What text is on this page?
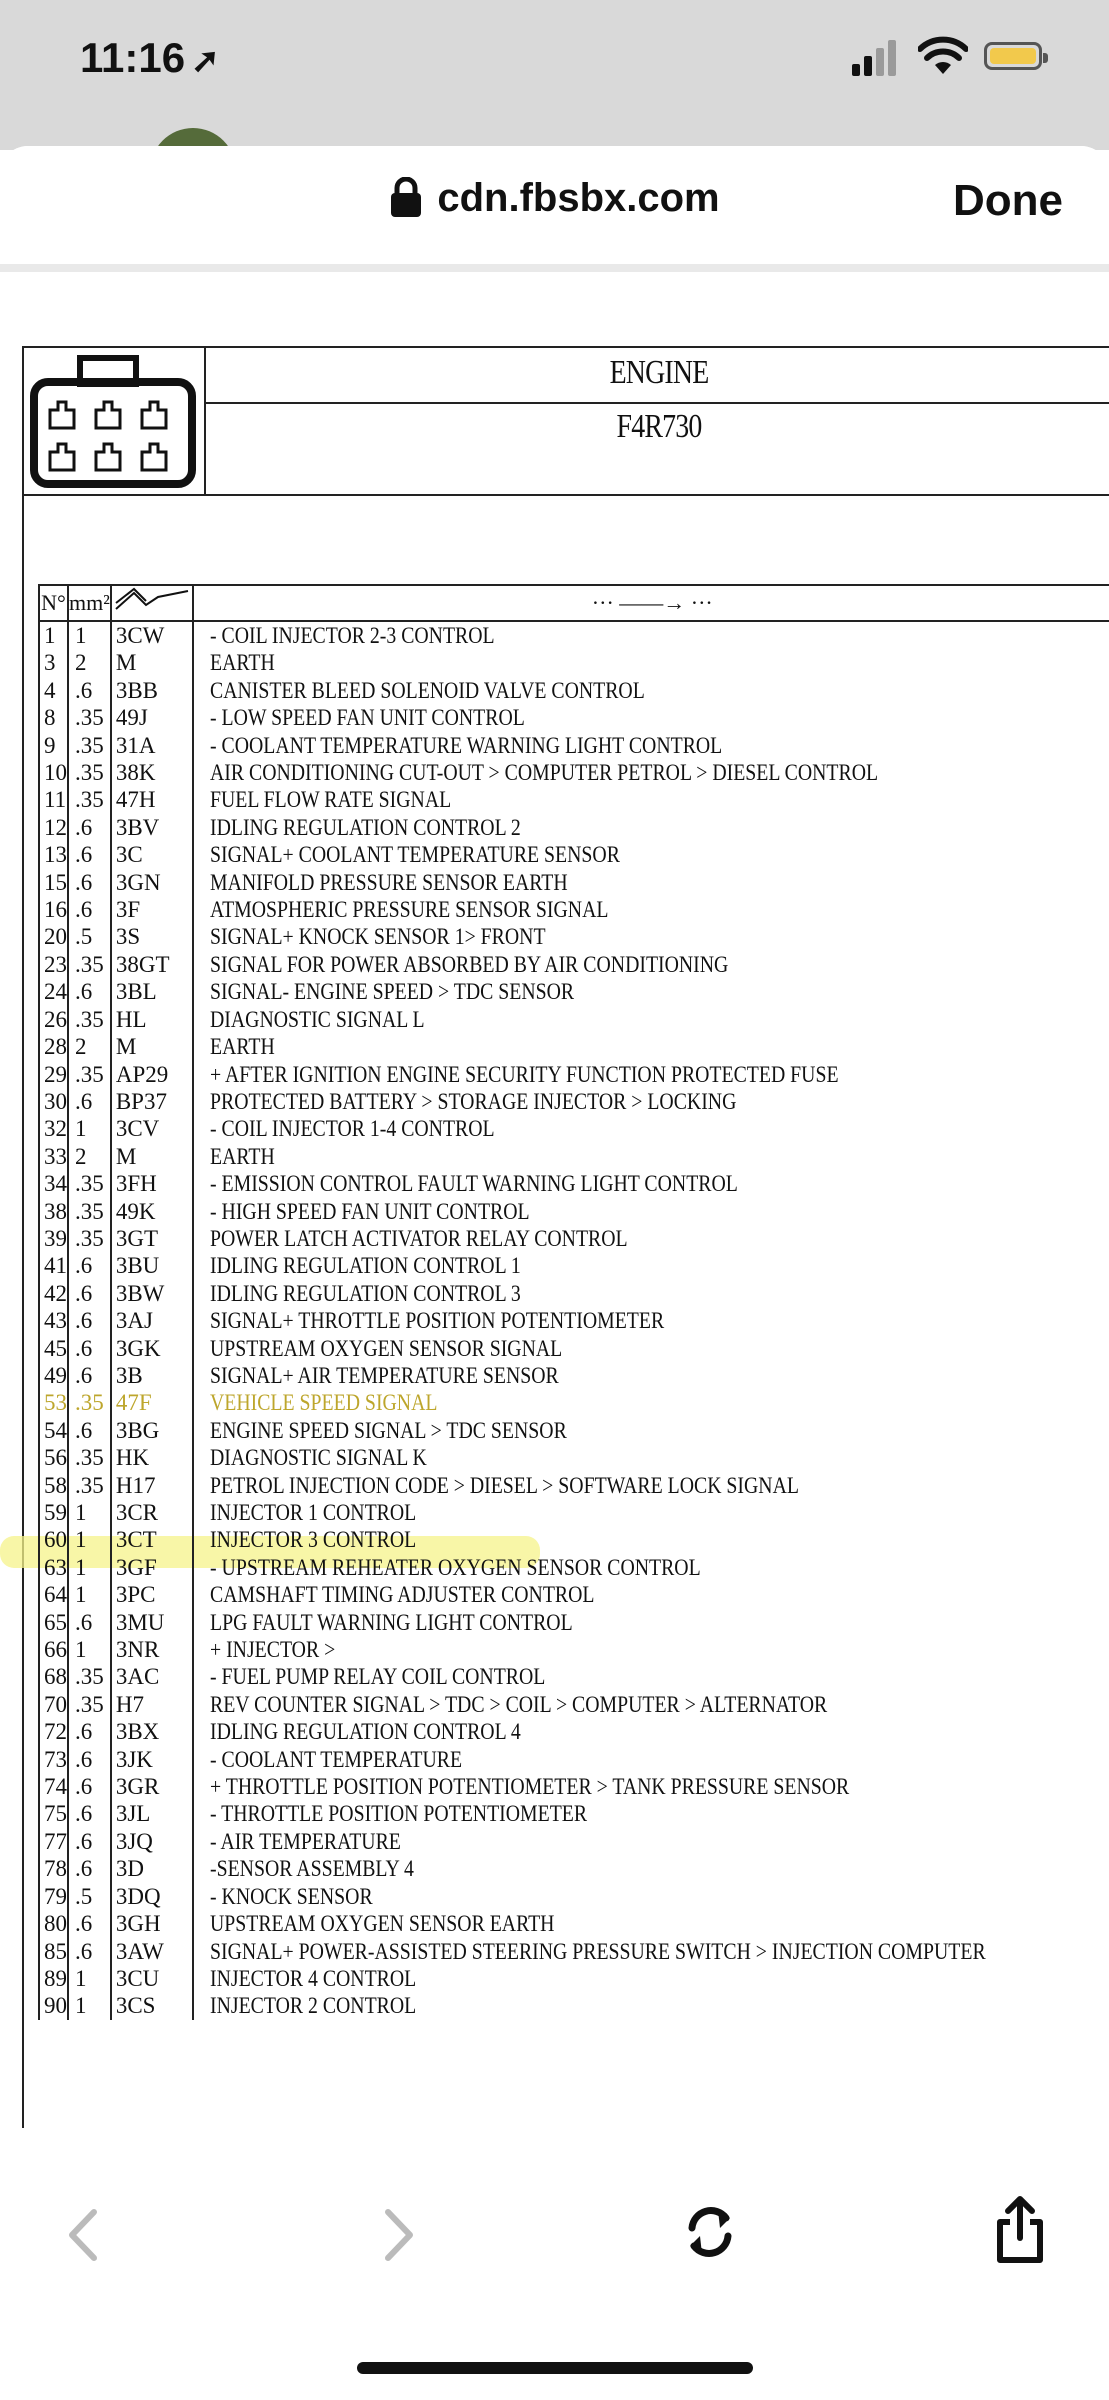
11:16 ➚
cdn.fbsbx.com	Done
ENGINE
F4R730
N°	mm²		··· ——→ ···
1	1	3CW	- COIL INJECTOR 2-3 CONTROL
3	2	M	EARTH
4	.6	3BB	CANISTER BLEED SOLENOID VALVE CONTROL
8	.35	49J	- LOW SPEED FAN UNIT CONTROL
9	.35	31A	- COOLANT TEMPERATURE WARNING LIGHT CONTROL
10	.35	38K	AIR CONDITIONING CUT-OUT > COMPUTER PETROL > DIESEL CONTROL
11	.35	47H	FUEL FLOW RATE SIGNAL
12	.6	3BV	IDLING REGULATION CONTROL 2
13	.6	3C	SIGNAL+ COOLANT TEMPERATURE SENSOR
15	.6	3GN	MANIFOLD PRESSURE SENSOR EARTH
16	.6	3F	ATMOSPHERIC PRESSURE SENSOR SIGNAL
20	.5	3S	SIGNAL+ KNOCK SENSOR 1> FRONT
23	.35	38GT	SIGNAL FOR POWER ABSORBED BY AIR CONDITIONING
24	.6	3BL	SIGNAL- ENGINE SPEED > TDC SENSOR
26	.35	HL	DIAGNOSTIC SIGNAL L
28	2	M	EARTH
29	.35	AP29	+ AFTER IGNITION ENGINE SECURITY FUNCTION PROTECTED FUSE
30	.6	BP37	PROTECTED BATTERY > STORAGE INJECTOR > LOCKING
32	1	3CV	- COIL INJECTOR 1-4 CONTROL
33	2	M	EARTH
34	.35	3FH	- EMISSION CONTROL FAULT WARNING LIGHT CONTROL
38	.35	49K	- HIGH SPEED FAN UNIT CONTROL
39	.35	3GT	POWER LATCH ACTIVATOR RELAY CONTROL
41	.6	3BU	IDLING REGULATION CONTROL 1
42	.6	3BW	IDLING REGULATION CONTROL 3
43	.6	3AJ	SIGNAL+ THROTTLE POSITION POTENTIOMETER
45	.6	3GK	UPSTREAM OXYGEN SENSOR SIGNAL
49	.6	3B	SIGNAL+ AIR TEMPERATURE SENSOR
53	.35	47F	VEHICLE SPEED SIGNAL
54	.6	3BG	ENGINE SPEED SIGNAL > TDC SENSOR
56	.35	HK	DIAGNOSTIC SIGNAL K
58	.35	H17	PETROL INJECTION CODE > DIESEL > SOFTWARE LOCK SIGNAL
59	1	3CR	INJECTOR 1 CONTROL
60	1	3CT	INJECTOR 3 CONTROL
63	1	3GF	- UPSTREAM REHEATER OXYGEN SENSOR CONTROL
64	1	3PC	CAMSHAFT TIMING ADJUSTER CONTROL
65	.6	3MU	LPG FAULT WARNING LIGHT CONTROL
66	1	3NR	+ INJECTOR >
68	.35	3AC	- FUEL PUMP RELAY COIL CONTROL
70	.35	H7	REV COUNTER SIGNAL > TDC > COIL > COMPUTER > ALTERNATOR
72	.6	3BX	IDLING REGULATION CONTROL 4
73	.6	3JK	- COOLANT TEMPERATURE
74	.6	3GR	+ THROTTLE POSITION POTENTIOMETER > TANK PRESSURE SENSOR
75	.6	3JL	- THROTTLE POSITION POTENTIOMETER
77	.6	3JQ	- AIR TEMPERATURE
78	.6	3D	-SENSOR ASSEMBLY 4
79	.5	3DQ	- KNOCK SENSOR
80	.6	3GH	UPSTREAM OXYGEN SENSOR EARTH
85	.6	3AW	SIGNAL+ POWER-ASSISTED STEERING PRESSURE SWITCH > INJECTION COMPUTER
89	1	3CU	INJECTOR 4 CONTROL
90	1	3CS	INJECTOR 2 CONTROL
